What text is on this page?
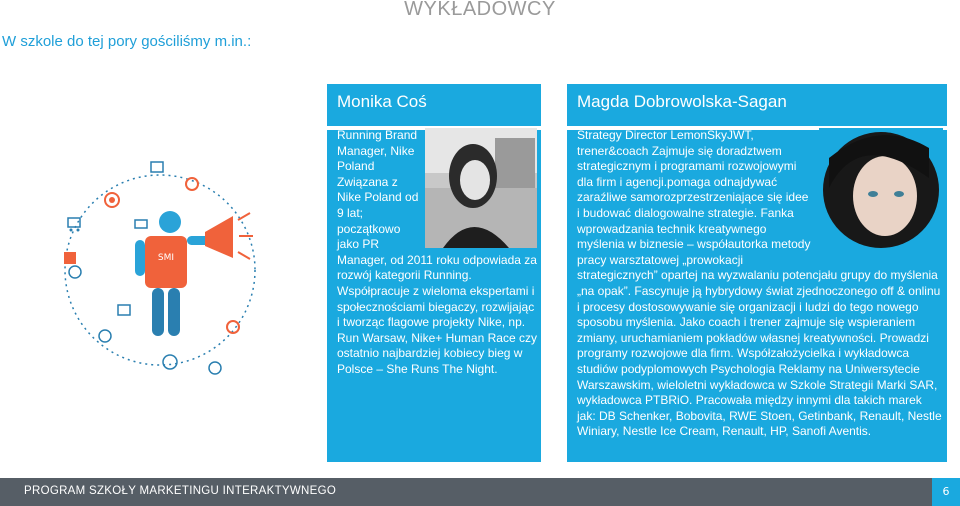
WYKŁADOWCY
W szkole do tej pory gościliśmy m.in.:
SMI
Monika Coś
Running Brand Manager, Nike Poland Związana z Nike Poland od 9 lat; początkowo jako PR Manager, od 2011 roku odpowiada za rozwój kategorii Running. Współpracuje z wieloma ekspertami i społecznościami biegaczy, rozwijając i tworząc flagowe projekty Nike, np. Run Warsaw, Nike+ Human Race czy ostatnio najbardziej kobiecy bieg w Polsce – She Runs The Night.
Magda Dobrowolska-Sagan
Strategy Director LemonSkyJWT, trener&coach Zajmuje się doradztwem strategicznym i programami rozwojowymi dla firm i agencji.pomaga odnajdywać zaraźliwe samorozprzestrzeniające się idee i budować dialogowalne strategie. Fanka wprowadzania technik kreatywnego myślenia w biznesie – współautorka metody pracy warsztatowej „prowokacji strategicznych” opartej na wyzwalaniu potencjału grupy do myślenia „na opak”. Fascynuje ją hybrydowy świat zjednoczonego off & onlinu i procesy dostosowywanie się organizacji i ludzi do tego nowego sposobu myślenia. Jako coach i trener zajmuje się wspieraniem zmiany, uruchamianiem pokładów własnej kreatywności. Prowadzi programy rozwojowe dla firm. Współzałożycielka i wykładowca studiów podyplomowych Psychologia Reklamy na Uniwersytecie Warszawskim, wieloletni wykładowca w Szkole Strategii Marki SAR, wykładowca PTBRiO. Pracowała między innymi dla takich marek jak: DB Schenker, Bobovita, RWE Stoen, Getinbank, Renault, Nestle Winiary, Nestle Ice Cream, Renault, HP, Sanofi Aventis.
PROGRAM SZKOŁY MARKETINGU INTERAKTYWNEGO	6
